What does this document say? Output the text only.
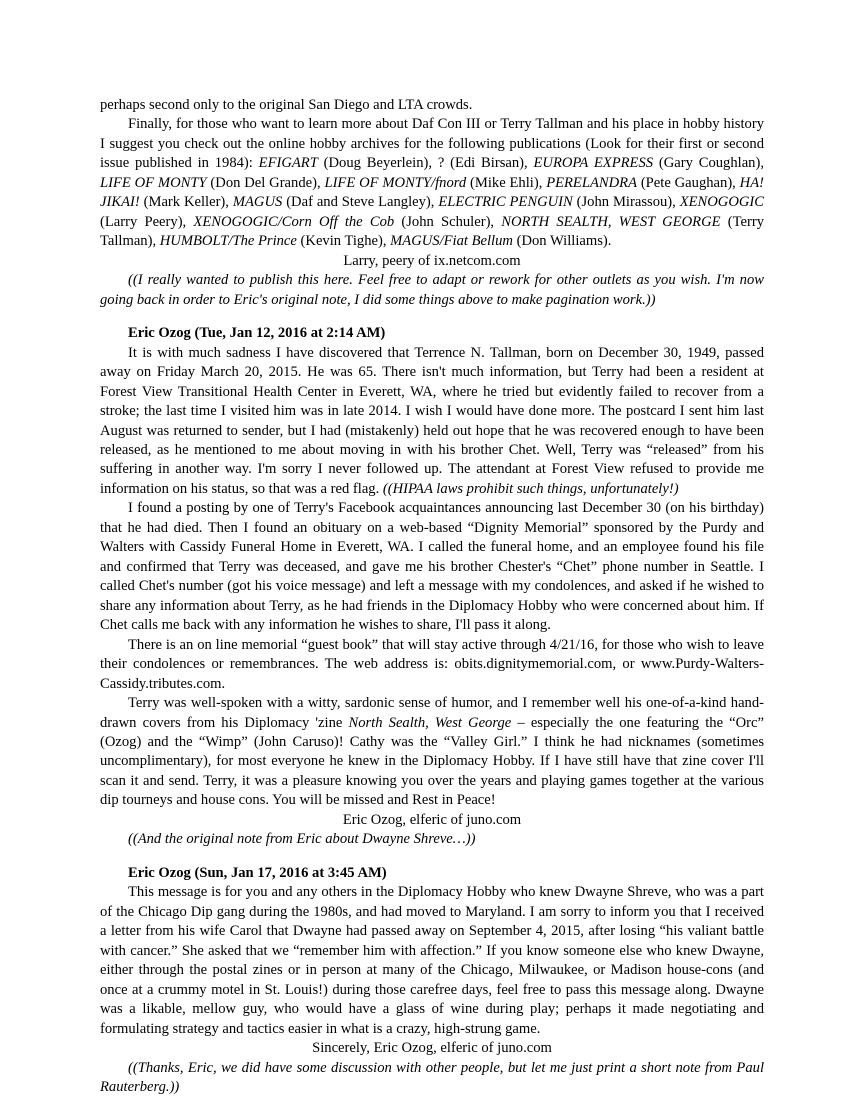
perhaps second only to the original San Diego and LTA crowds.

Finally, for those who want to learn more about Daf Con III or Terry Tallman and his place in hobby history I suggest you check out the online hobby archives for the following publications (Look for their first or second issue published in 1984): EFIGART (Doug Beyerlein), ? (Edi Birsan), EUROPA EXPRESS (Gary Coughlan), LIFE OF MONTY (Don Del Grande), LIFE OF MONTY/fnord (Mike Ehli), PERELANDRA (Pete Gaughan), HA! JIKAI! (Mark Keller), MAGUS (Daf and Steve Langley), ELECTRIC PENGUIN (John Mirassou), XENOGOGIC (Larry Peery), XENOGOGIC/Corn Off the Cob (John Schuler), NORTH SEALTH, WEST GEORGE (Terry Tallman), HUMBOLT/The Prince (Kevin Tighe), MAGUS/Fiat Bellum (Don Williams).

Larry, peery of ix.netcom.com

((I really wanted to publish this here. Feel free to adapt or rework for other outlets as you wish. I'm now going back in order to Eric's original note, I did some things above to make pagination work.))

Eric Ozog (Tue, Jan 12, 2016 at 2:14 AM)

It is with much sadness I have discovered that Terrence N. Tallman, born on December 30, 1949, passed away on Friday March 20, 2015. He was 65. There isn't much information, but Terry had been a resident at Forest View Transitional Health Center in Everett, WA, where he tried but evidently failed to recover from a stroke; the last time I visited him was in late 2014. I wish I would have done more. The postcard I sent him last August was returned to sender, but I had (mistakenly) held out hope that he was recovered enough to have been released, as he mentioned to me about moving in with his brother Chet. Well, Terry was “released” from his suffering in another way. I'm sorry I never followed up. The attendant at Forest View refused to provide me information on his status, so that was a red flag. ((HIPAA laws prohibit such things, unfortunately!)

I found a posting by one of Terry's Facebook acquaintances announcing last December 30 (on his birthday) that he had died. Then I found an obituary on a web-based “Dignity Memorial” sponsored by the Purdy and Walters with Cassidy Funeral Home in Everett, WA. I called the funeral home, and an employee found his file and confirmed that Terry was deceased, and gave me his brother Chester's “Chet” phone number in Seattle. I called Chet's number (got his voice message) and left a message with my condolences, and asked if he wished to share any information about Terry, as he had friends in the Diplomacy Hobby who were concerned about him. If Chet calls me back with any information he wishes to share, I'll pass it along.

There is an on line memorial “guest book” that will stay active through 4/21/16, for those who wish to leave their condolences or remembrances. The web address is: obits.dignitymemorial.com, or www.Purdy-Walters-Cassidy.tributes.com.

Terry was well-spoken with a witty, sardonic sense of humor, and I remember well his one-of-a-kind hand-drawn covers from his Diplomacy 'zine North Sealth, West George – especially the one featuring the “Orc” (Ozog) and the “Wimp” (John Caruso)! Cathy was the “Valley Girl.” I think he had nicknames (sometimes uncomplimentary), for most everyone he knew in the Diplomacy Hobby. If I have still have that zine cover I'll scan it and send. Terry, it was a pleasure knowing you over the years and playing games together at the various dip tourneys and house cons. You will be missed and Rest in Peace!

Eric Ozog, elferic of juno.com

((And the original note from Eric about Dwayne Shreve…))

Eric Ozog (Sun, Jan 17, 2016 at 3:45 AM)

This message is for you and any others in the Diplomacy Hobby who knew Dwayne Shreve, who was a part of the Chicago Dip gang during the 1980s, and had moved to Maryland. I am sorry to inform you that I received a letter from his wife Carol that Dwayne had passed away on September 4, 2015, after losing “his valiant battle with cancer.” She asked that we “remember him with affection.” If you know someone else who knew Dwayne, either through the postal zines or in person at many of the Chicago, Milwaukee, or Madison house-cons (and once at a crummy motel in St. Louis!) during those carefree days, feel free to pass this message along. Dwayne was a likable, mellow guy, who would have a glass of wine during play; perhaps it made negotiating and formulating strategy and tactics easier in what is a crazy, high-strung game.

Sincerely, Eric Ozog, elferic of juno.com

((Thanks, Eric, we did have some discussion with other people, but let me just print a short note from Paul Rauterberg.))
